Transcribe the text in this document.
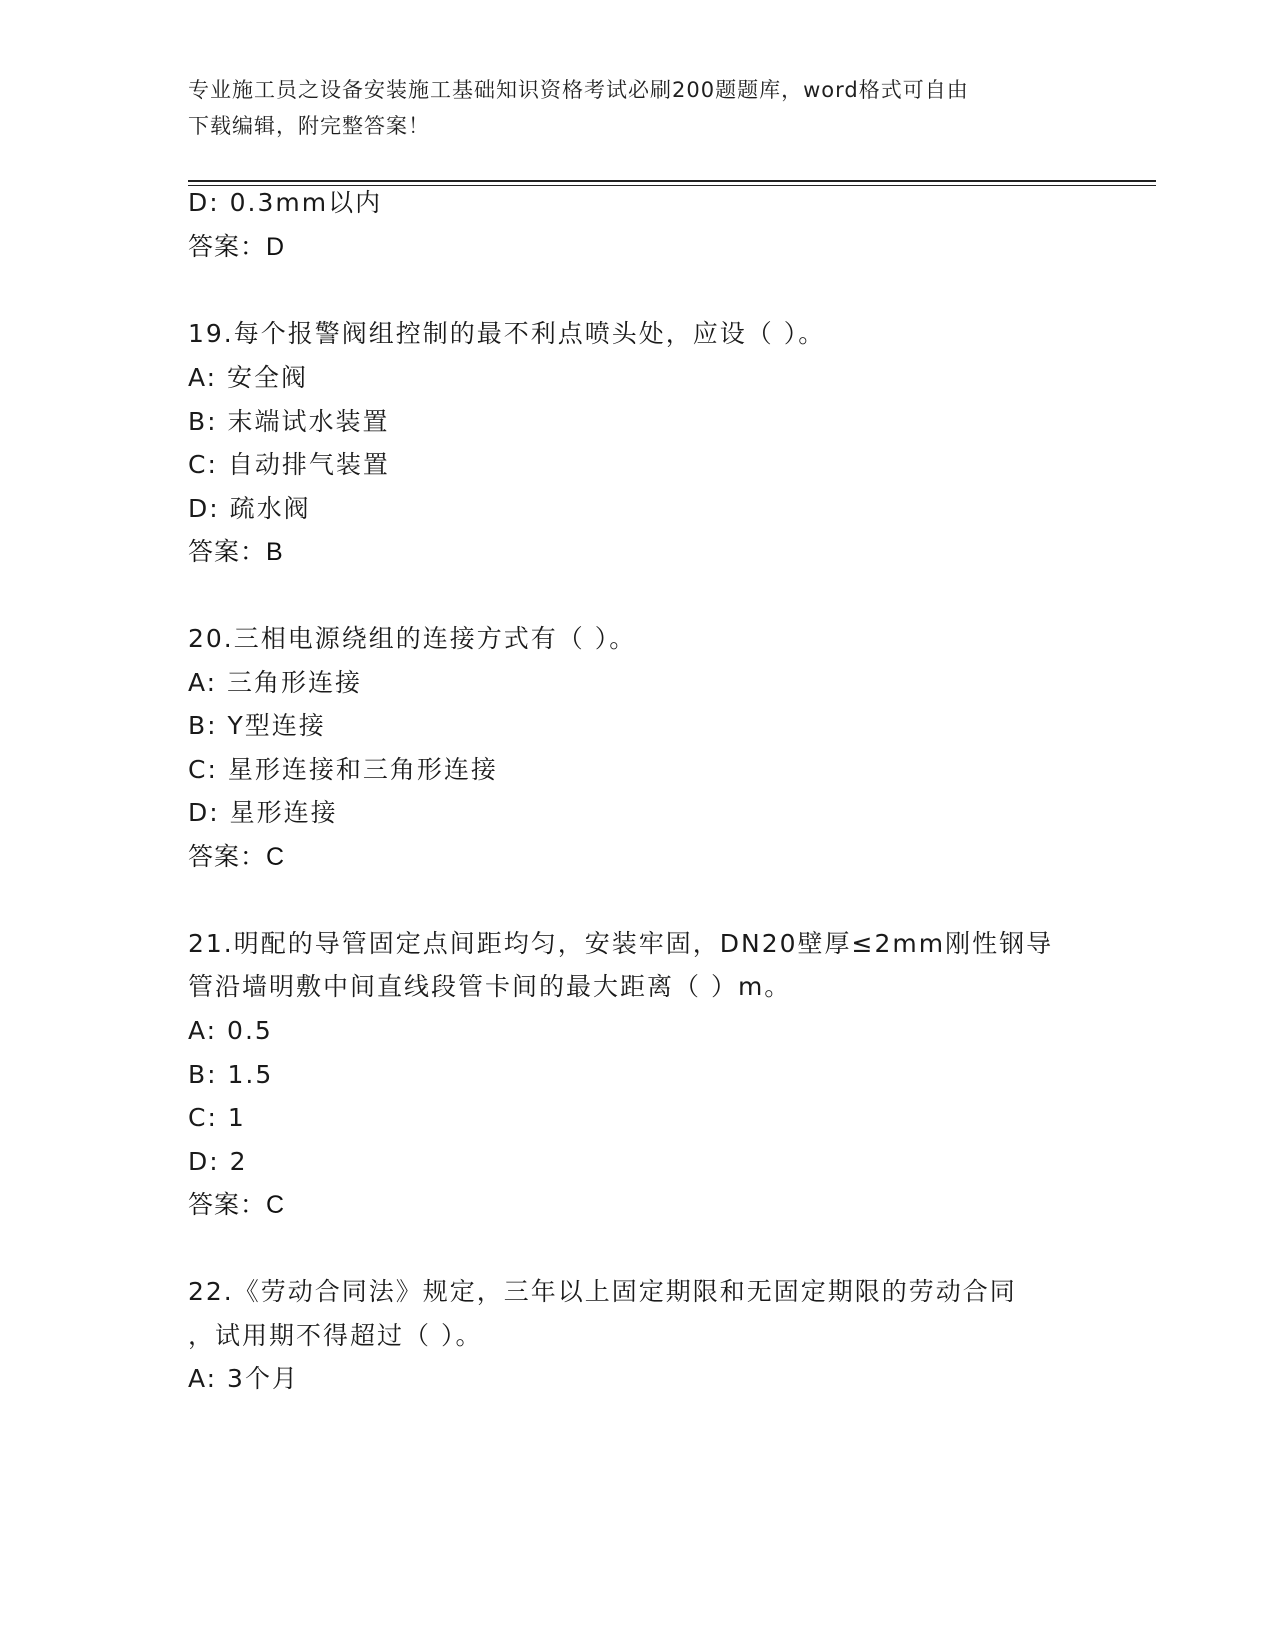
专业施工员之设备安装施工基础知识资格考试必刷200题题库，word格式可自由
下载编辑，附完整答案！
D: 0.3mm以内
答案：D
19.每个报警阀组控制的最不利点喷头处，应设（ ）。
A: 安全阀
B: 末端试水装置
C: 自动排气装置
D: 疏水阀
答案：B
20.三相电源绕组的连接方式有（ ）。
A: 三角形连接
B: Y型连接
C: 星形连接和三角形连接
D: 星形连接
答案：C
21.明配的导管固定点间距均匀，安装牢固，DN20壁厚≤2mm刚性钢导
管沿墙明敷中间直线段管卡间的最大距离（ ）m。
A: 0.5
B: 1.5
C: 1
D: 2
答案：C
22.《劳动合同法》规定，三年以上固定期限和无固定期限的劳动合同
，试用期不得超过（ ）。
A: 3个月
